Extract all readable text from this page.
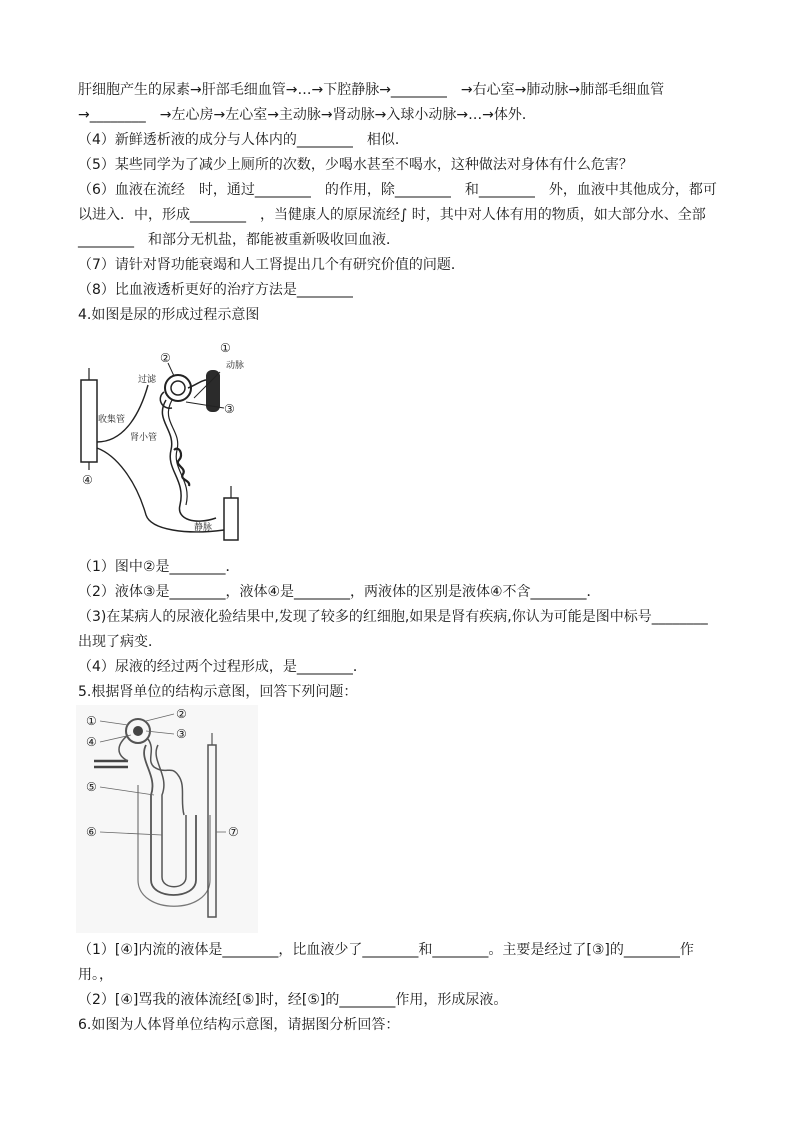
肝细胞产生的尿素→肝部毛细血管→…→下腔静脉→________　→右心室→肺动脉→肺部毛细血管
→________　→左心房→左心室→主动脉→肾动脉→入球小动脉→…→体外．
（4）新鲜透析液的成分与人体内的________　相似．
（5）某些同学为了减少上厕所的次数，少喝水甚至不喝水，这种做法对身体有什么危害？
（6）血液在流经　时，通过________　的作用，除________　和________　外，血液中其他成分，都可
以进入．中，形成________　，当健康人的原尿流经∫ 时，其中对人体有用的物质，如大部分水、全部
________　和部分无机盐，都能被重新吸收回血液．
（7）请针对肾功能衰竭和人工肾提出几个有研究价值的问题．
（8）比血液透析更好的治疗方法是________
4.如图是尿的形成过程示意图
①
②
③
④
过滤
动脉
收集管
肾小管
静脉
（1）图中②是________．
（2）液体③是________，液体④是________，两液体的区别是液体④不含________．
（3)在某病人的尿液化验结果中,发现了较多的红细胞,如果是肾有疾病,你认为可能是图中标号________
出现了病变．
（4）尿液的经过两个过程形成，是________．
5.根据肾单位的结构示意图，回答下列问题：
①	②
③
④
⑤
⑥	⑦
（1）[④]内流的液体是________，比血液少了________和________。主要是经过了[③]的________作
用。，
（2）[④]骂我的液体流经[⑤]时，经[⑤]的________作用，形成尿液。
6.如图为人体肾单位结构示意图，请据图分析回答：
